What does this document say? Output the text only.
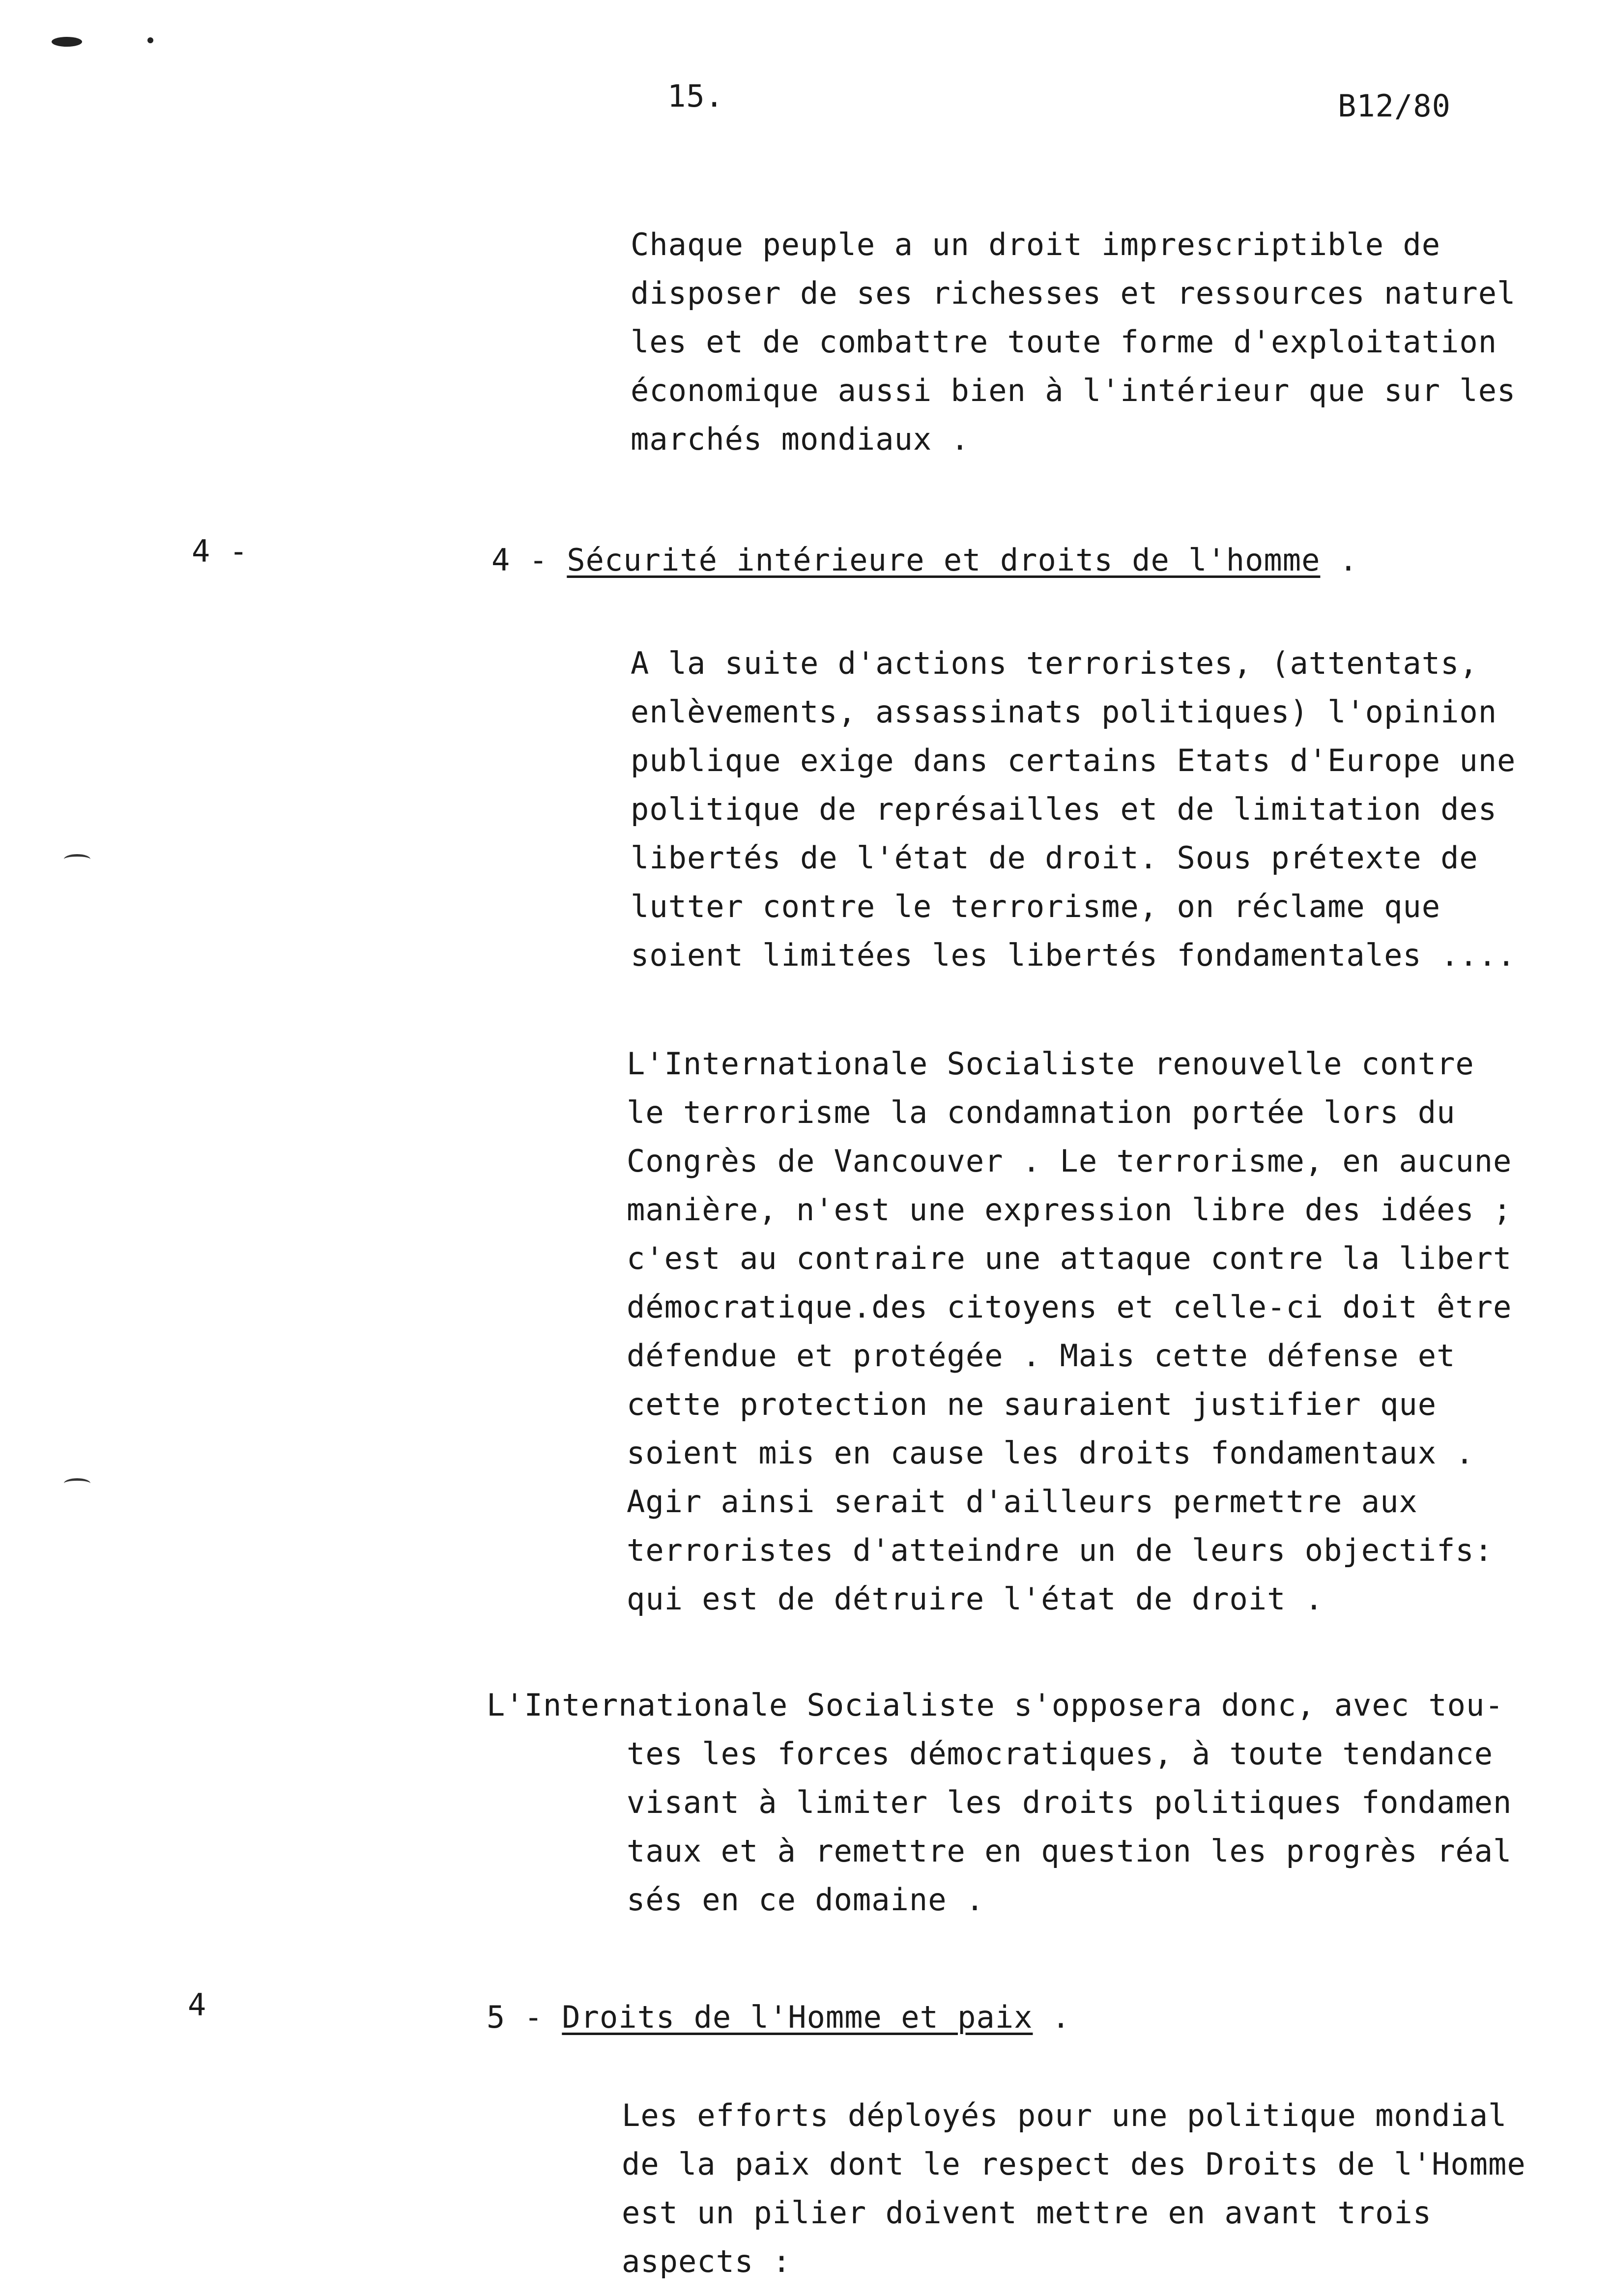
15.	B12/80
Chaque peuple a un droit imprescriptible de
disposer de ses richesses et ressources naturel
les et de combattre toute forme d'exploitation
économique aussi bien à l'intérieur que sur les
marchés mondiaux .
4 -	4 - Sécurité intérieure et droits de l'homme .
A la suite d'actions terroristes, (attentats,
enlèvements, assassinats politiques) l'opinion
publique exige dans certains Etats d'Europe une
politique de représailles et de limitation des
libertés de l'état de droit. Sous prétexte de
lutter contre le terrorisme, on réclame que
soient limitées les libertés fondamentales ....
L'Internationale Socialiste renouvelle contre
le terrorisme la condamnation portée lors du
Congrès de Vancouver . Le terrorisme, en aucune
manière, n'est une expression libre des idées ;
c'est au contraire une attaque contre la libert
démocratique.des citoyens et celle-ci doit être
défendue et protégée . Mais cette défense et
cette protection ne sauraient justifier que
soient mis en cause les droits fondamentaux .
Agir ainsi serait d'ailleurs permettre aux
terroristes d'atteindre un de leurs objectifs:
qui est de détruire l'état de droit .
L'Internationale Socialiste s'opposera donc, avec tou-
tes les forces démocratiques, à toute tendance
visant à limiter les droits politiques fondamen
taux et à remettre en question les progrès réal
sés en ce domaine .
4	5 - Droits de l'Homme et paix .
Les efforts déployés pour une politique mondial
de la paix dont le respect des Droits de l'Homme
est un pilier doivent mettre en avant trois
aspects :
